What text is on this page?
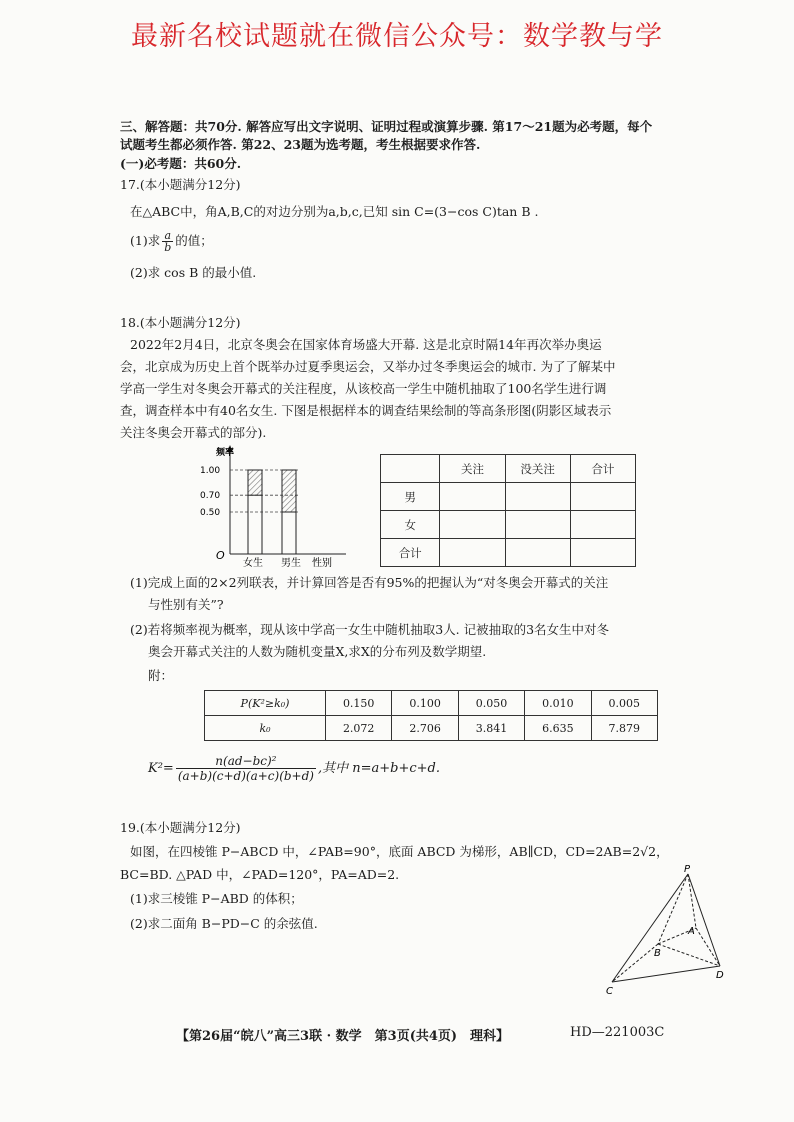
最新名校试题就在微信公众号：数学教与学
三、解答题：共70分. 解答应写出文字说明、证明过程或演算步骤. 第17～21题为必考题，每个
试题考生都必须作答. 第22、23题为选考题，考生根据要求作答.
(一)必考题：共60分.
17.(本小题满分12分)
在△ABC中，角A,B,C的对边分别为a,b,c,已知 sin C=(3−cos C)tan B .
(1)求 $\frac{a}{b}$ 的值；
(2)求 cos B 的最小值.
18.(本小题满分12分)
2022年2月4日，北京冬奥会在国家体育场盛大开幕. 这是北京时隔14年再次举办奥运
会，北京成为历史上首个既举办过夏季奥运会，又举办过冬季奥运会的城市. 为了了解某中
学高一学生对冬奥会开幕式的关注程度，从该校高一学生中随机抽取了100名学生进行调
查，调查样本中有40名女生. 下图是根据样本的调查结果绘制的等高条形图(阴影区域表示
关注冬奥会开幕式的部分).
0.50
0.70
1.00
频率
O
女生 男生 性别
	关注	没关注	合计
男			
女			
合计			
(1)完成上面的2×2列联表，并计算回答是否有95%的把握认为“对冬奥会开幕式的关注
与性别有关”?
(2)若将频率视为概率，现从该中学高一女生中随机抽取3人. 记被抽取的3名女生中对冬
奥会开幕式关注的人数为随机变量X,求X的分布列及数学期望.
附：
P(K²≥k₀)	0.150	0.100	0.050	0.010	0.005
k₀	2.072	2.706	3.841	6.635	7.879
$K^2= \frac{\text{n(ad−bc)²}}{(a+b)(c+d)(a+c)(b+d)}$ ,其中 n=a+b+c+d.
19.(本小题满分12分)
如图，在四棱锥 P−ABCD 中，∠PAB=90°，底面 ABCD 为梯形，AB∥CD，CD=2AB=2√2，
BC=BD. △PAD 中，∠PAD=120°，PA=AD=2.
(1)求三棱锥 P−ABD 的体积；
(2)求二面角 B−PD−C 的余弦值.
P
A
B
C
D
【第26届“皖八”高三3联 · 数学　第3页(共4页)　理科】	HD—221003C
